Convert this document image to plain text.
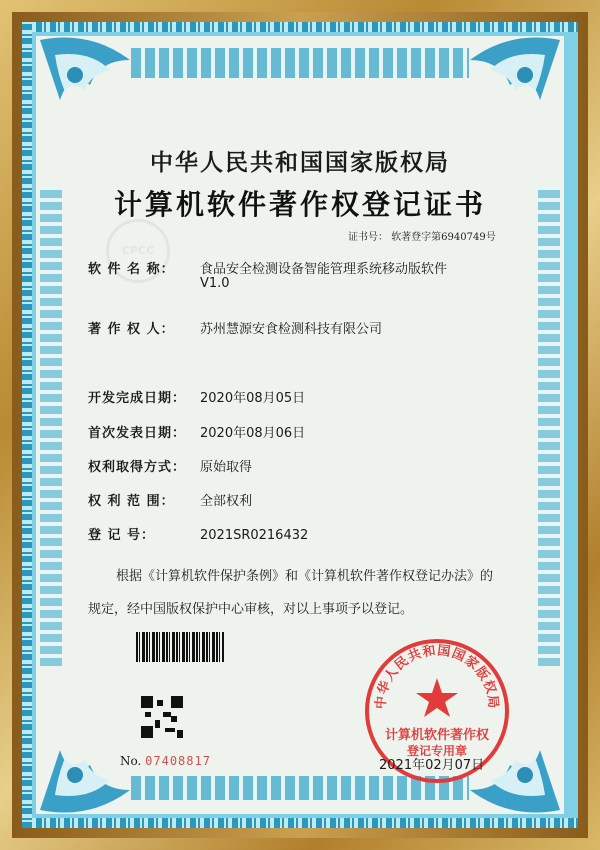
中华人民共和国国家版权局
计算机软件著作权登记证书
CPCC
证书号： 软著登字第6940749号
软 件 名 称： 食品安全检测设备智能管理系统移动版软件
V1.0
著 作 权 人： 苏州慧源安食检测科技有限公司
开发完成日期： 2020年08月05日
首次发表日期： 2020年08月06日
权利取得方式： 原始取得
权 利 范 围： 全部权利
登 记 号：	2021SR0216432
根据《计算机软件保护条例》和《计算机软件著作权登记办法》的
规定，经中国版权保护中心审核，对以上事项予以登记。
No. 07408817
中华人民共和国国家版权局
计算机软件著作权
登记专用章
2021年02月07日
